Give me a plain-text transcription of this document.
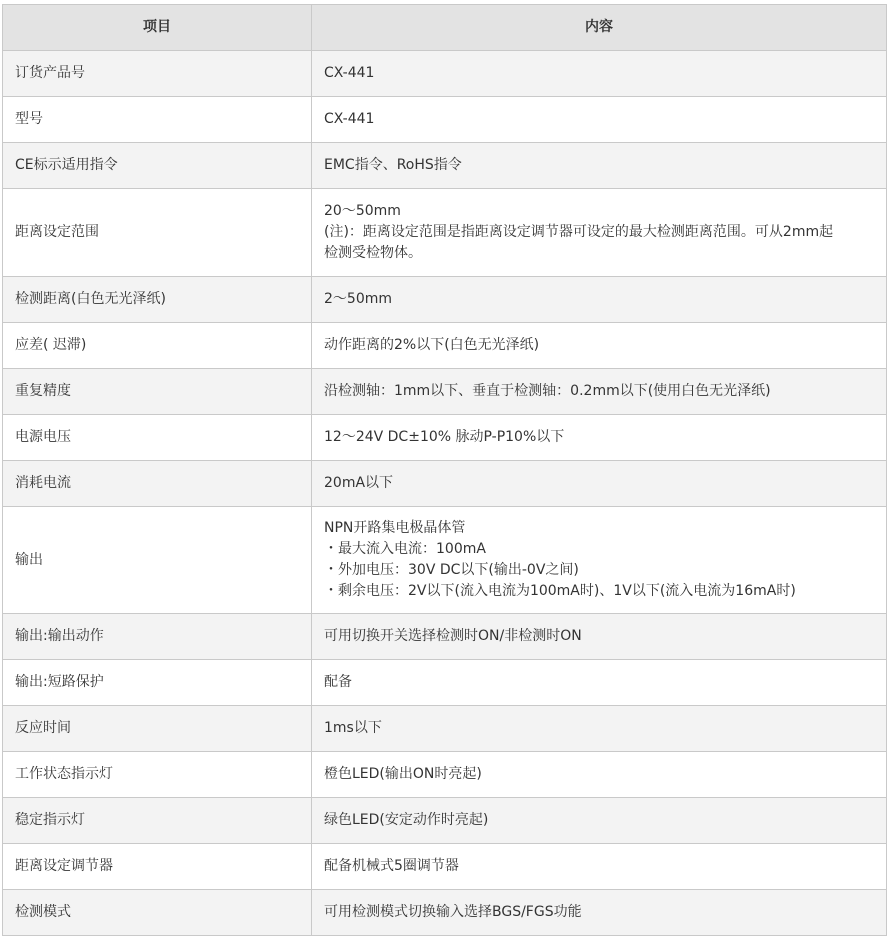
项目	内容
订货产品号	CX-441

型号	CX-441

CE标示适用指令	EMC指令、RoHS指令

距离设定范围	20～50mm
(注)：距离设定范围是指距离设定调节器可设定的最大检测距离范围。可从2mm起
检测受检物体。

检测距离(白色无光泽纸)	2～50mm

应差( 迟滞)	动作距离的2%以下(白色无光泽纸)

重复精度	沿检测轴：1mm以下、垂直于检测轴：0.2mm以下(使用白色无光泽纸)

电源电压	12～24V DC±10% 脉动P-P10%以下

消耗电流	20mA以下

输出	NPN开路集电极晶体管
・最大流入电流：100mA
・外加电压：30V DC以下(输出-0V之间)
・剩余电压：2V以下(流入电流为100mA时)、1V以下(流入电流为16mA时)

输出:输出动作	可用切换开关选择检测时ON/非检测时ON

输出:短路保护	配备

反应时间	1ms以下

工作状态指示灯	橙色LED(输出ON时亮起)

稳定指示灯	绿色LED(安定动作时亮起)

距离设定调节器	配备机械式5圈调节器

检测模式	可用检测模式切换输入选择BGS/FGS功能
